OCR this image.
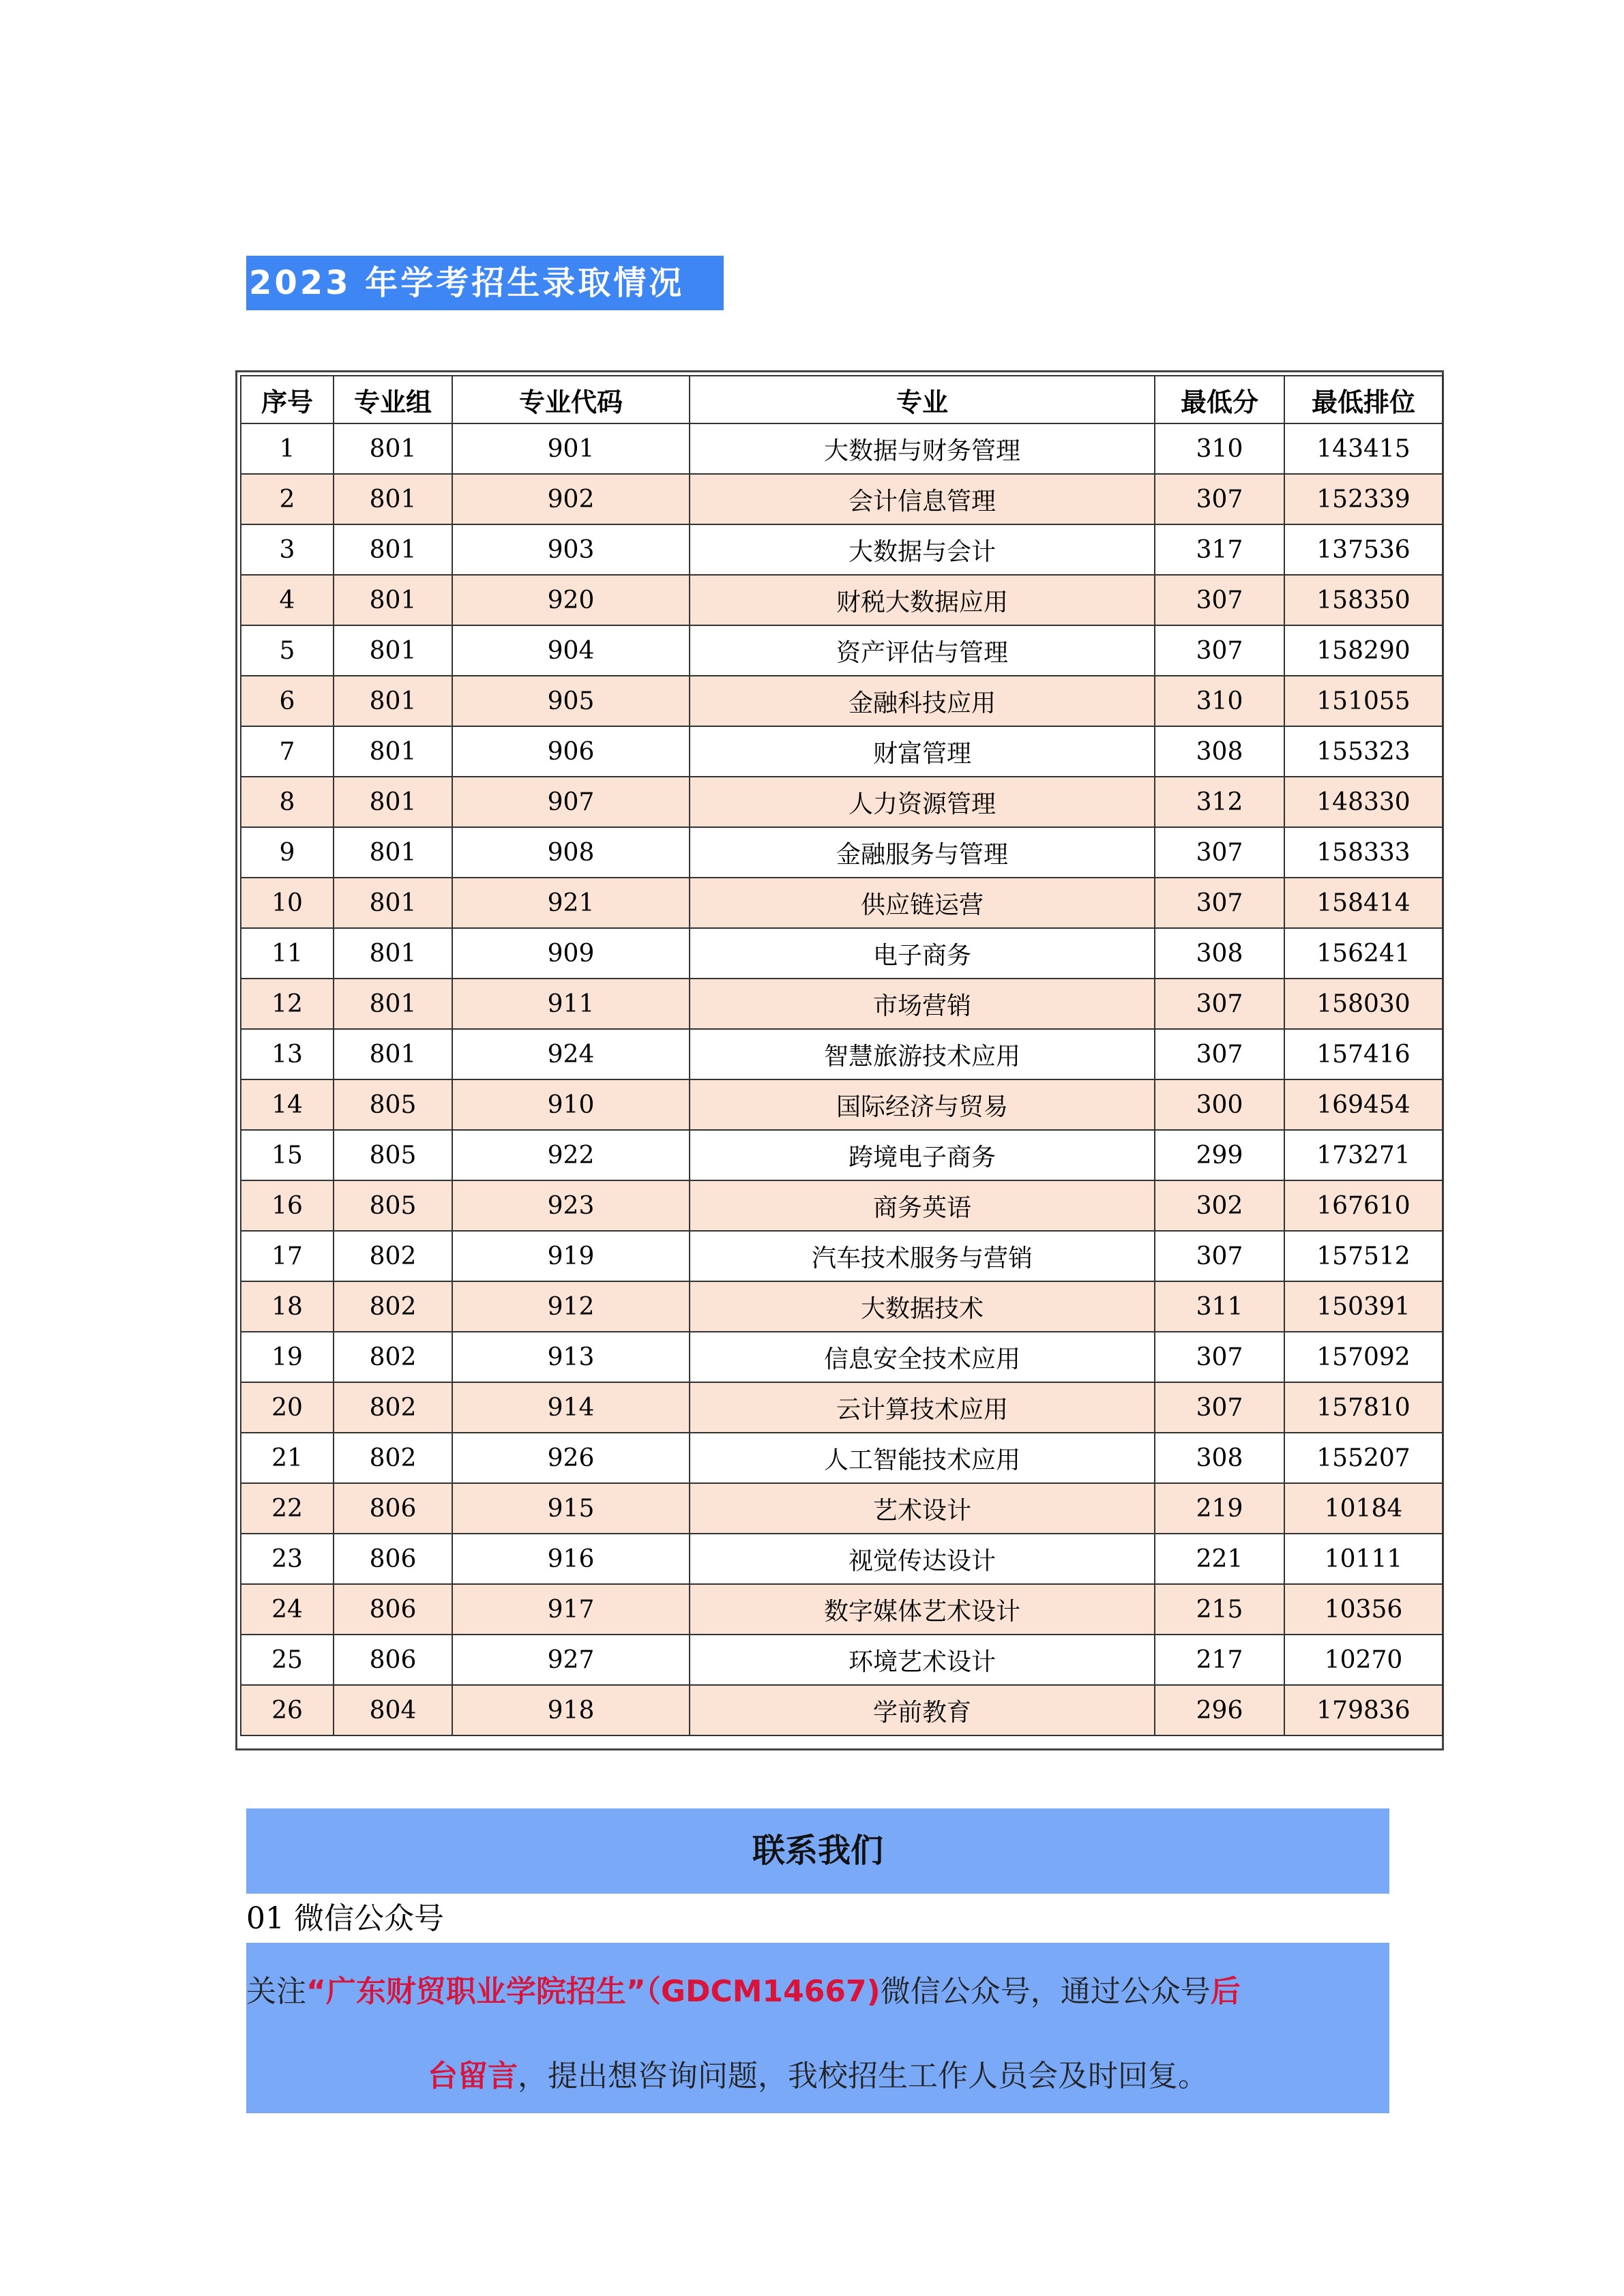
2023 年学考招生录取情况
序号	专业组	专业代码	专业	最低分	最低排位
1	801	901	大数据与财务管理	310	143415
2	801	902	会计信息管理	307	152339
3	801	903	大数据与会计	317	137536
4	801	920	财税大数据应用	307	158350
5	801	904	资产评估与管理	307	158290
6	801	905	金融科技应用	310	151055
7	801	906	财富管理	308	155323
8	801	907	人力资源管理	312	148330
9	801	908	金融服务与管理	307	158333
10	801	921	供应链运营	307	158414
11	801	909	电子商务	308	156241
12	801	911	市场营销	307	158030
13	801	924	智慧旅游技术应用	307	157416
14	805	910	国际经济与贸易	300	169454
15	805	922	跨境电子商务	299	173271
16	805	923	商务英语	302	167610
17	802	919	汽车技术服务与营销	307	157512
18	802	912	大数据技术	311	150391
19	802	913	信息安全技术应用	307	157092
20	802	914	云计算技术应用	307	157810
21	802	926	人工智能技术应用	308	155207
22	806	915	艺术设计	219	10184
23	806	916	视觉传达设计	221	10111
24	806	917	数字媒体艺术设计	215	10356
25	806	927	环境艺术设计	217	10270
26	804	918	学前教育	296	179836
联系我们
01 微信公众号
关注“广东财贸职业学院招生”（GDCM14667)微信公众号，通过公众号后
台留言，提出想咨询问题，我校招生工作人员会及时回复。
